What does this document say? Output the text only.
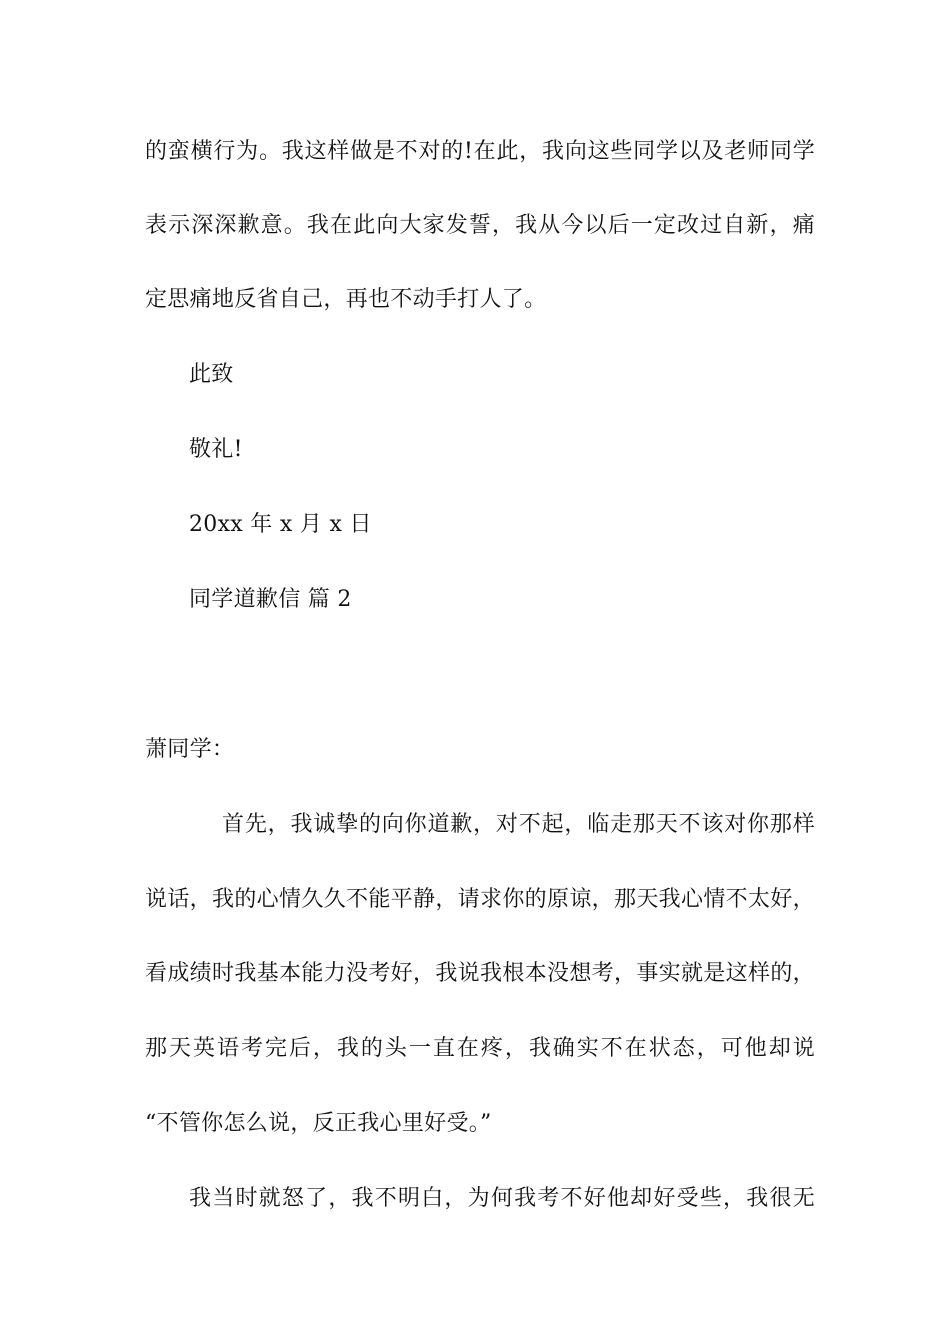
的蛮横行为。我这样做是不对的!在此，我向这些同学以及老师同学
表示深深歉意。我在此向大家发誓，我从今以后一定改过自新，痛
定思痛地反省自己，再也不动手打人了。
此致
敬礼!
20xx 年 x 月 x 日
同学道歉信 篇 2
萧同学：
首先，我诚挚的向你道歉，对不起，临走那天不该对你那样
说话，我的心情久久不能平静，请求你的原谅，那天我心情不太好，
看成绩时我基本能力没考好，我说我根本没想考，事实就是这样的，
那天英语考完后，我的头一直在疼，我确实不在状态，可他却说
“不管你怎么说，反正我心里好受。”
我当时就怒了，我不明白，为何我考不好他却好受些，我很无
